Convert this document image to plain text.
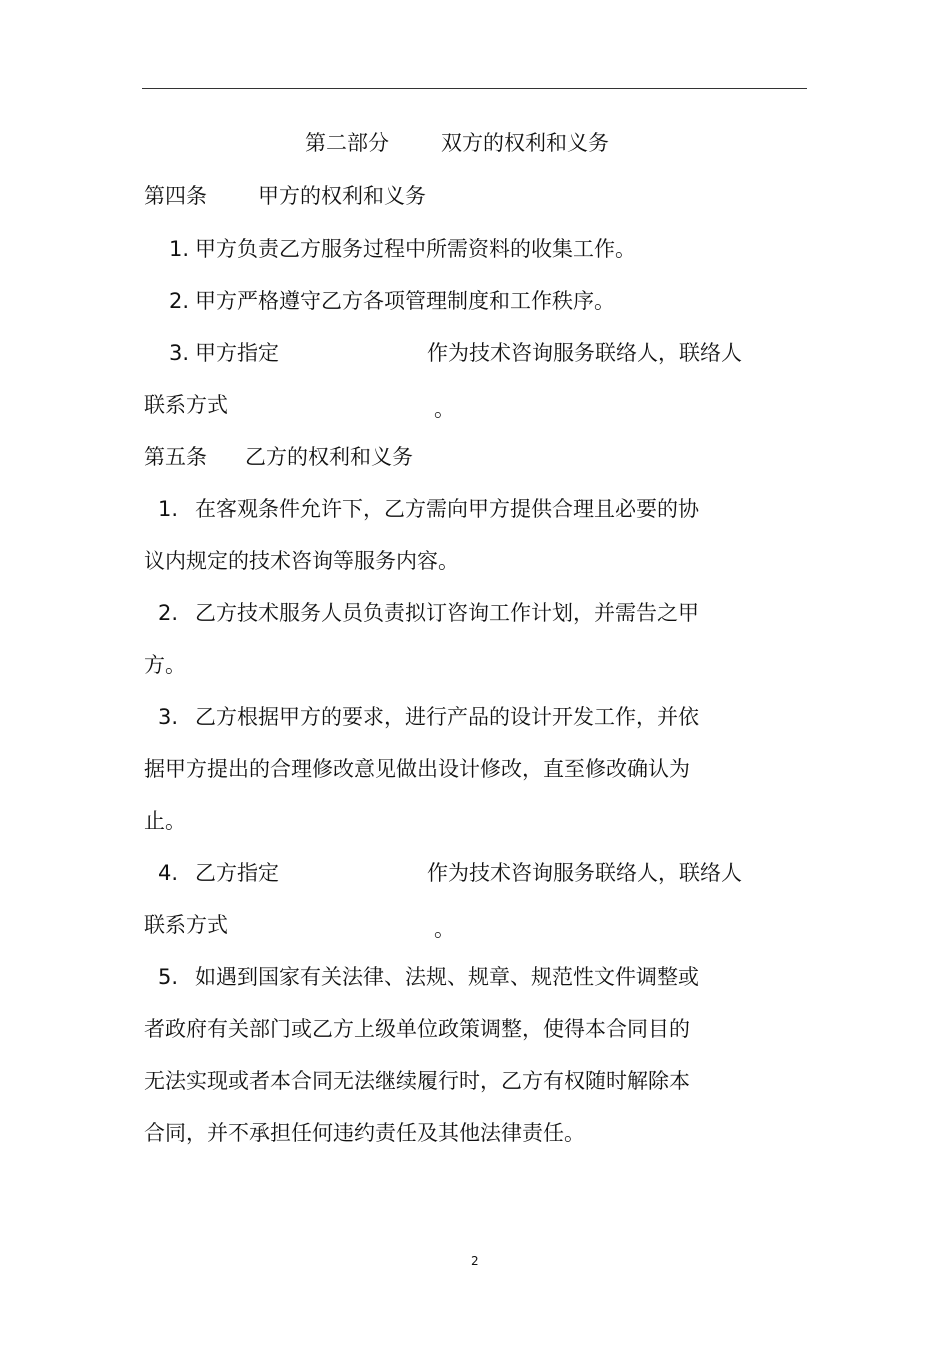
第二部分 双方的权利和义务
第四条 甲方的权利和义务
1. 甲方负责乙方服务过程中所需资料的收集工作。
2. 甲方严格遵守乙方各项管理制度和工作秩序。
3. 甲方指定	作为技术咨询服务联络人，联络人
联系方式	。
第五条 乙方的权利和义务
1. 在客观条件允许下，乙方需向甲方提供合理且必要的协
议内规定的技术咨询等服务内容。
2. 乙方技术服务人员负责拟订咨询工作计划，并需告之甲
方。
3. 乙方根据甲方的要求，进行产品的设计开发工作，并依
据甲方提出的合理修改意见做出设计修改，直至修改确认为
止。
4. 乙方指定	作为技术咨询服务联络人，联络人
联系方式	。
5. 如遇到国家有关法律、法规、规章、规范性文件调整或
者政府有关部门或乙方上级单位政策调整，使得本合同目的
无法实现或者本合同无法继续履行时，乙方有权随时解除本
合同，并不承担任何违约责任及其他法律责任。
2
